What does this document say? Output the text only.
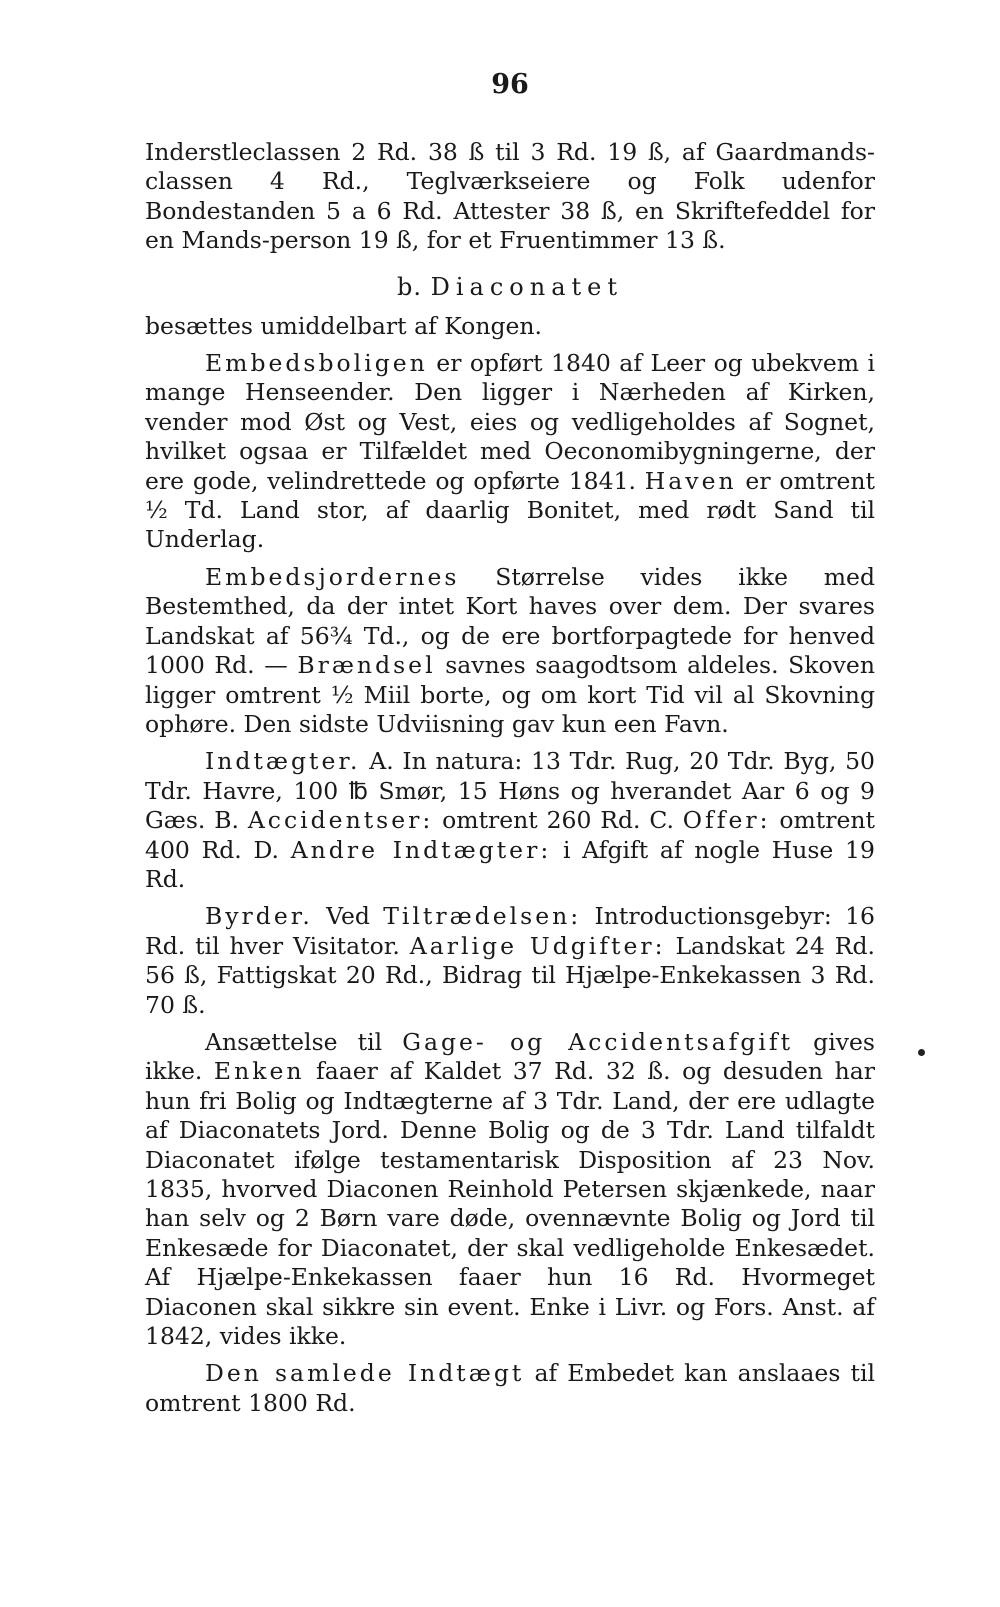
96

Inderstleclassen 2 Rd. 38 ß til 3 Rd. 19 ß, af Gaardmands-classen 4 Rd., Teglværkseiere og Folk udenfor Bondestanden 5 a 6 Rd. Attester 38 ß, en Skriftefeddel for en Mands-person 19 ß, for et Fruentimmer 13 ß.

b. Diaconatet

besættes umiddelbart af Kongen.

Embedsboligen er opført 1840 af Leer og ubekvem i mange Henseender. Den ligger i Nærheden af Kirken, vender mod Øst og Vest, eies og vedligeholdes af Sognet, hvilket ogsaa er Tilfældet med Oeconomibygningerne, der ere gode, velindrettede og opførte 1841. Haven er omtrent ½ Td. Land stor, af daarlig Bonitet, med rødt Sand til Underlag.

Embedsjordernes Størrelse vides ikke med Bestemthed, da der intet Kort haves over dem. Der svares Landskat af 56¾ Td., og de ere bortforpagtede for henved 1000 Rd. — Brændsel savnes saagodtsom aldeles. Skoven ligger omtrent ½ Miil borte, og om kort Tid vil al Skovning ophøre. Den sidste Udviisning gav kun een Favn.

Indtægter. A. In natura: 13 Tdr. Rug, 20 Tdr. Byg, 50 Tdr. Havre, 100 ℔ Smør, 15 Høns og hverandet Aar 6 og 9 Gæs. B. Accidentser: omtrent 260 Rd. C. Offer: omtrent 400 Rd. D. Andre Indtægter: i Afgift af nogle Huse 19 Rd.

Byrder. Ved Tiltrædelsen: Introductionsgebyr: 16 Rd. til hver Visitator. Aarlige Udgifter: Landskat 24 Rd. 56 ß, Fattigskat 20 Rd., Bidrag til Hjælpe-Enkekassen 3 Rd. 70 ß.

Ansættelse til Gage- og Accidentsafgift gives ikke. Enken faaer af Kaldet 37 Rd. 32 ß. og desuden har hun fri Bolig og Indtægterne af 3 Tdr. Land, der ere udlagte af Diaconatets Jord. Denne Bolig og de 3 Tdr. Land tilfaldt Diaconatet ifølge testamentarisk Disposition af 23 Nov. 1835, hvorved Diaconen Reinhold Petersen skjænkede, naar han selv og 2 Børn vare døde, ovennævnte Bolig og Jord til Enkesæde for Diaconatet, der skal vedligeholde Enkesædet. Af Hjælpe-Enkekassen faaer hun 16 Rd. Hvormeget Diaconen skal sikkre sin event. Enke i Livr. og Fors. Anst. af 1842, vides ikke.

Den samlede Indtægt af Embedet kan anslaaes til omtrent 1800 Rd.
